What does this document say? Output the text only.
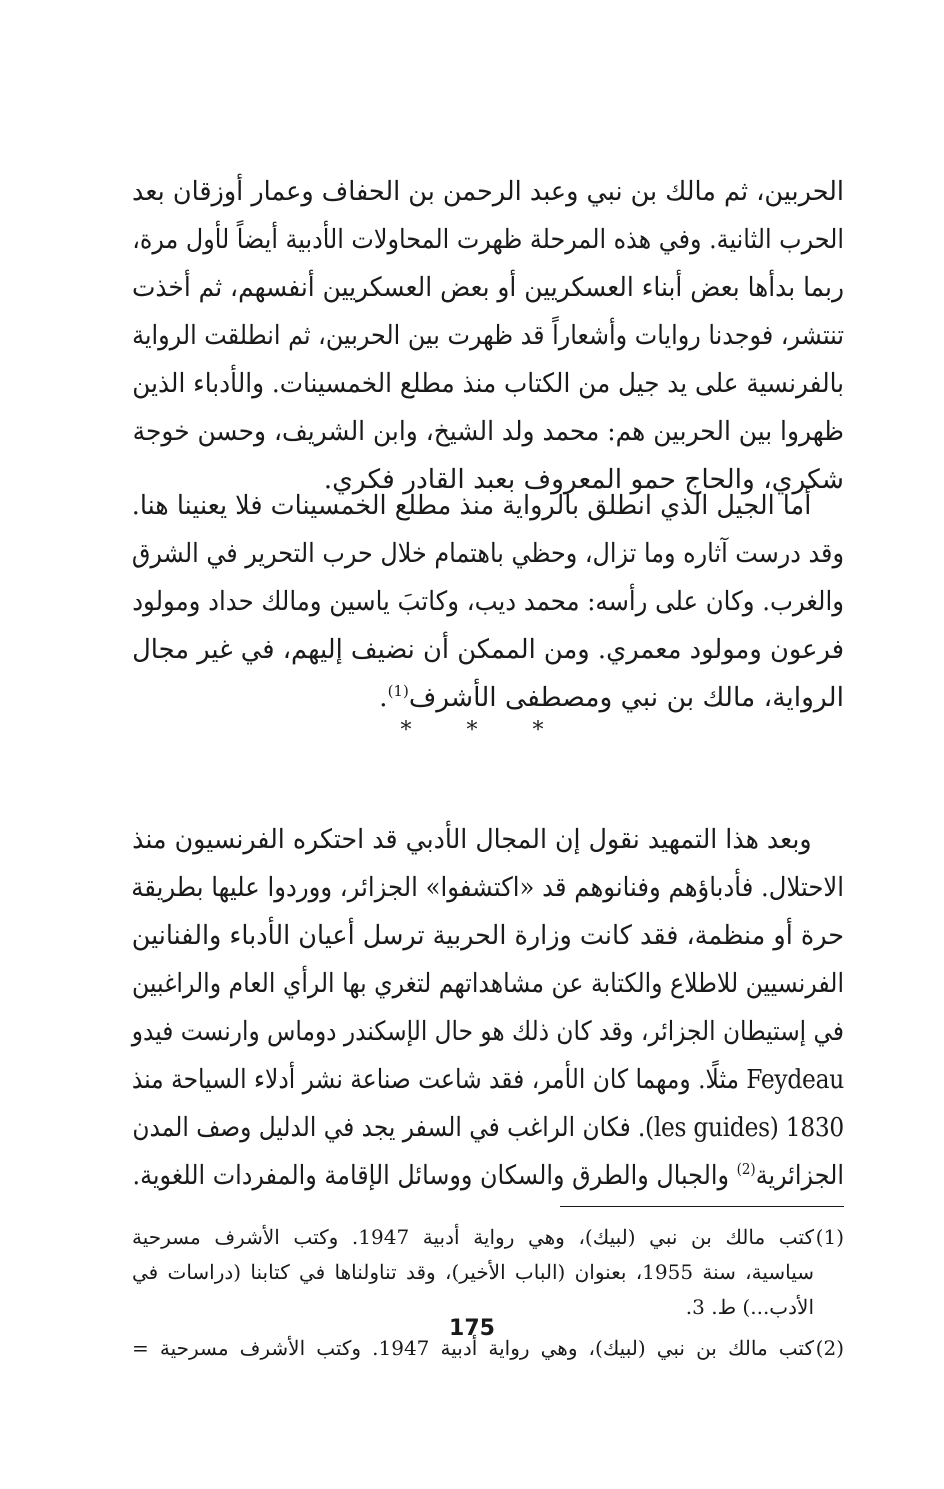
الحربين، ثم مالك بن نبي وعبد الرحمن بن الحفاف وعمار أوزقان بعد
الحرب الثانية. وفي هذه المرحلة ظهرت المحاولات الأدبية أيضاً لأول مرة،
ربما بدأها بعض أبناء العسكريين أو بعض العسكريين أنفسهم، ثم أخذت
تنتشر، فوجدنا روايات وأشعاراً قد ظهرت بين الحربين، ثم انطلقت الرواية
بالفرنسية على يد جيل من الكتاب منذ مطلع الخمسينات. والأدباء الذين
ظهروا بين الحربين هم: محمد ولد الشيخ، وابن الشريف، وحسن خوجة
شكري، والحاج حمو المعروف بعبد القادر فكري.

أما الجيل الذي انطلق بالرواية منذ مطلع الخمسينات فلا يعنينا هنا.
وقد درست آثاره وما تزال، وحظي باهتمام خلال حرب التحرير في الشرق
والغرب. وكان على رأسه: محمد ديب، وكاتبَ ياسين ومالك حداد ومولود
فرعون ومولود معمري. ومن الممكن أن نضيف إليهم، في غير مجال
الرواية، مالك بن نبي ومصطفى الأشرف$^{(1)}$.

* * *

وبعد هذا التمهيد نقول إن المجال الأدبي قد احتكره الفرنسيون منذ
الاحتلال. فأدباؤهم وفنانوهم قد «اكتشفوا» الجزائر، ووردوا عليها بطريقة
حرة أو منظمة، فقد كانت وزارة الحربية ترسل أعيان الأدباء والفنانين
الفرنسيين للاطلاع والكتابة عن مشاهداتهم لتغري بها الرأي العام والراغبين
في إستيطان الجزائر، وقد كان ذلك هو حال الإسكندر دوماس وارنست فيدو
Feydeau مثلًا. ومهما كان الأمر، فقد شاعت صناعة نشر أدلاء السياحة منذ
1830 (les guides). فكان الراغب في السفر يجد في الدليل وصف المدن
الجزائرية$^{(2)}$ والجبال والطرق والسكان ووسائل الإقامة والمفردات اللغوية.

(1)
كتب مالك بن نبي (لبيك)، وهي رواية أدبية 1947. وكتب الأشرف مسرحية
سياسية، سنة 1955، بعنوان (الباب الأخير)، وقد تناولناها في كتابنا (دراسات في
الأدب...) ط. 3.
(2)
كتب مالك بن نبي (لبيك)، وهي رواية أدبية 1947. وكتب الأشرف مسرحية =
175
